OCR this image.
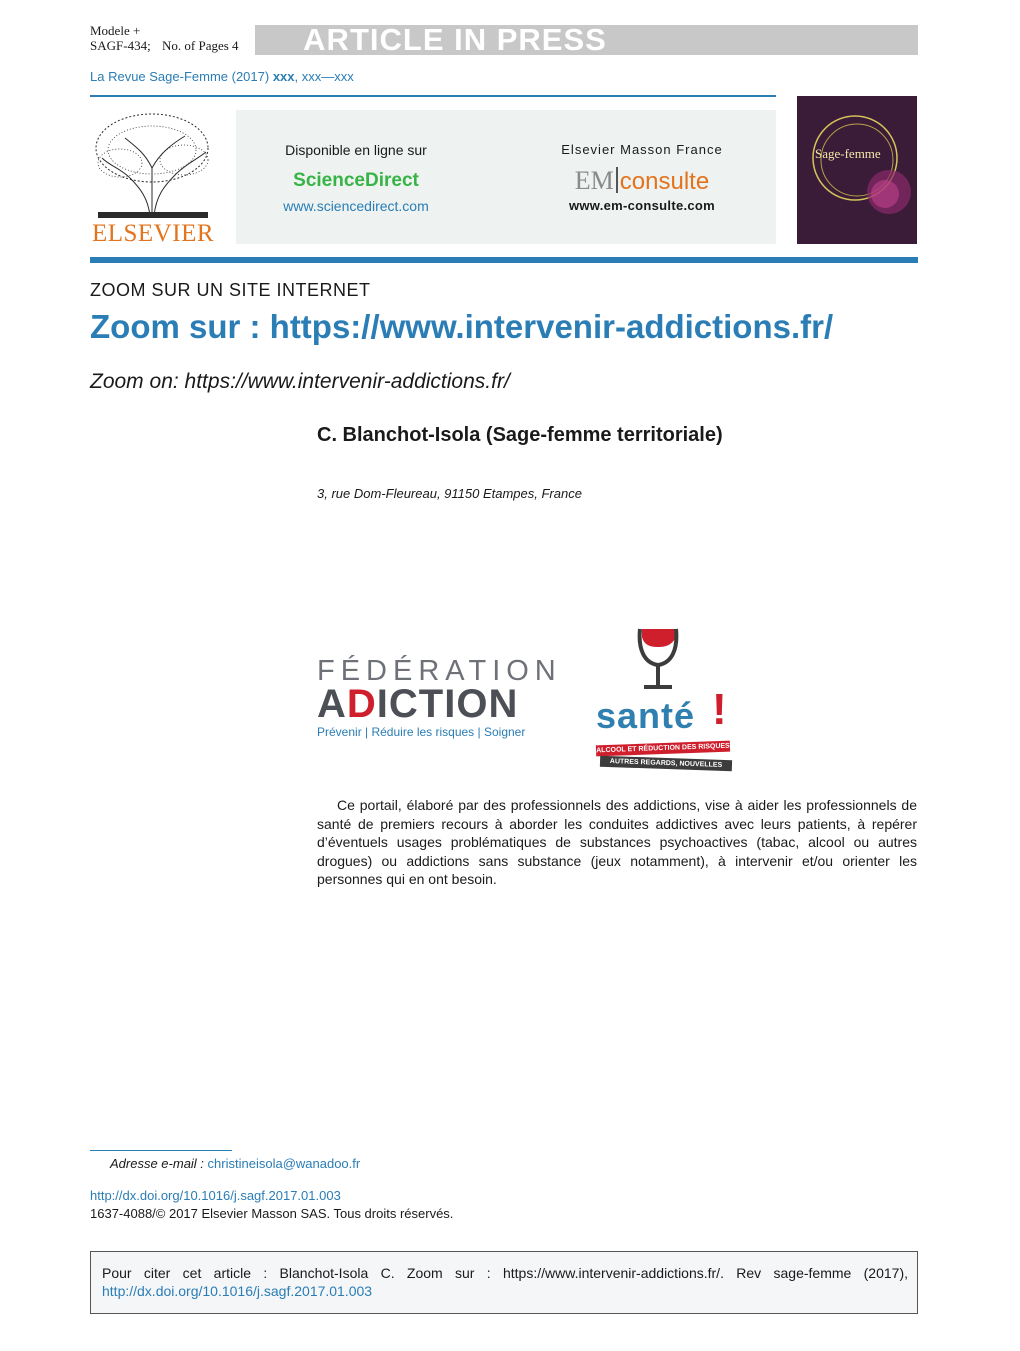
ARTICLE IN PRESS
Modele +
SAGF-434; No. of Pages 4
La Revue Sage-Femme (2017) xxx, xxx—xxx
ELSEVIER
Disponible en ligne sur
ScienceDirect
www.sciencedirect.com
Elsevier Masson France
EM consulte
www.em-consulte.com
Sage-femme
ZOOM SUR UN SITE INTERNET
Zoom sur : https://www.intervenir-addictions.fr/
Zoom on: https://www.intervenir-addictions.fr/
C. Blanchot-Isola (Sage-femme territoriale)
3, rue Dom-Fleureau, 91150 Etampes, France
FÉDÉRATION
ADICTION
Prévenir | Réduire les risques | Soigner santé !
ALCOOL ET RÉDUCTION DES RISQUES
AUTRES REGARDS, NOUVELLES PRATIQUES
Ce portail, élaboré par des professionnels des addictions, vise à aider les professionnels de santé de premiers recours à aborder les conduites addictives avec leurs patients, à repérer d’éventuels usages problématiques de substances psychoactives (tabac, alcool ou autres drogues) ou addictions sans substance (jeux notamment), à intervenir et/ou orienter les personnes qui en ont besoin.
Adresse e-mail : christineisola@wanadoo.fr
http://dx.doi.org/10.1016/j.sagf.2017.01.003
1637-4088/© 2017 Elsevier Masson SAS. Tous droits réservés.
Pour citer cet article : Blanchot-Isola C. Zoom sur : https://www.intervenir-addictions.fr/. Rev sage-femme (2017),
http://dx.doi.org/10.1016/j.sagf.2017.01.003
